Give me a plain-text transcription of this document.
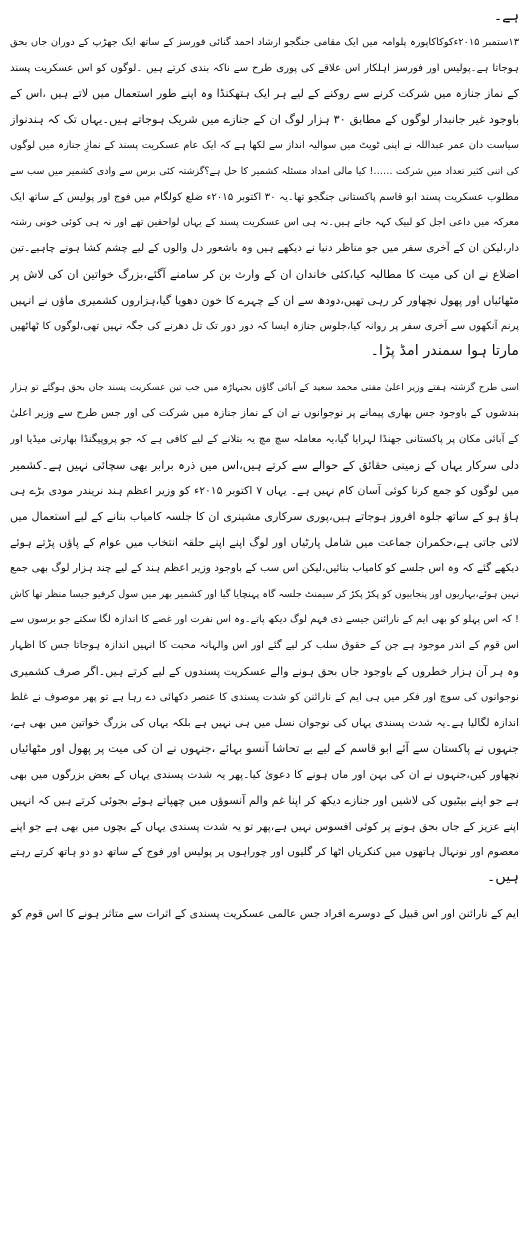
ہے۔
۱۳ستمبر ۲۰۱۵ءکوکاکاپورہ پلوامہ میں ایک مقامی جنگجو ارشاد احمد گنائی فورسز کے ساتھ ایک جھڑپ کے دوران جاں بحق
ہوجاتا ہے۔پولیس اور فورسز اہلکار اس علاقے کی پوری طرح سے ناکہ بندی کرتے ہیں ۔لوگوں کو اس عسکریت پسند
کے نماز جنازہ میں شرکت کرنے سے روکنے کے لیے ہر ایک ہتھکنڈا وہ اپنے طور استعمال میں لاتے ہیں ،اس کے
باوجود غیر جانبدار لوگوں کے مطابق ۳۰ ہزار لوگ ان کے جنازے میں شریک ہوجاتے ہیں۔یہاں تک کہ ہندنواز
سیاست دان عمر عبداللہ نے اپنی ٹویٹ میں سوالیہ انداز سے لکھا ہے کہ ایک عام عسکریت پسند کے نمازِ جنازہ میں لوگوں
کی اتنی کثیر تعداد میں شرکت ……! کیا مالی امداد مسئلہ کشمیر کا حل ہے؟گزشتہ کئی برس سے وادی کشمیر میں سب سے
مطلوب عسکریت پسند ابو قاسم پاکستانی جنگجو تھا۔یہ ۳۰ اکتوبر ۲۰۱۵ء ضلع کولگام میں فوج اور پولیس کے ساتھ ایک
معرکہ میں داعی اجل کو لبیک کہہ جاتے ہیں۔نہ ہی اس عسکریت پسند کے یہاں لواحقین تھے اور نہ ہی کوئی خونی رشتہ
دار،لیکن ان کے آخری سفر میں جو مناظر دنیا نے دیکھے ہیں وہ باشعور دل والوں کے لیے چشم کشا ہونے چاہیے۔تین
اضلاع نے ان کی میت کا مطالبہ کیا،کئی خاندان ان کے وارث بن کر سامنے آگئے،بزرگ خواتین ان کی لاش پر
مٹھائیاں اور پھول نچھاور کر رہی تھیں،دودھ سے ان کے چہرے کا خون دھویا گیا،ہزاروں کشمیری ماؤں نے انہیں
پرنم آنکھوں سے آخری سفر پر روانہ کیا،جلوس جنازہ ایسا کہ دور دور تک تل دھرنے کی جگہ نہیں تھی،لوگوں کا ٹھاٹھیں
مارتا ہوا سمندر امڈ پڑا۔
اسی طرح گزشتہ ہفتے وزیر اعلیٰ مفتی محمد سعید کے آبائی گاؤں بجبہاڑہ میں جب تین عسکریت پسند جاں بحق ہوگئے تو ہزار
بندشوں کے باوجود جس بھاری پیمانے پر نوجوانوں نے ان کے نماز جنازہ میں شرکت کی اور جس طرح سے وزیر اعلیٰ
کے آبائی مکان پر پاکستانی جھنڈا لہرایا گیا،یہ معاملہ سچ مچ یہ بتلانے کے لیے کافی ہے کہ جو پروپیگنڈا بھارتی میڈیا اور
دلی سرکار یہاں کے زمینی حقائق کے حوالے سے کرتے ہیں،اس میں ذرہ برابر بھی سچائی نہیں ہے۔کشمیر
میں لوگوں کو جمع کرنا کوئی آسان کام نہیں ہے۔ یہاں ۷ اکتوبر ۲۰۱۵ء کو وزیر اعظم ہند نریندر مودی بڑے ہی
ہاؤ ہو کے ساتھ جلوہ افروز ہوجاتے ہیں،پوری سرکاری مشینری ان کا جلسہ کامیاب بنانے کے لیے استعمال میں
لائی جاتی ہے،حکمران جماعت میں شامل پارٹیاں اور لوگ اپنے اپنے حلقہ انتخاب میں عوام کے پاؤں پڑتے ہوئے
دیکھے گئے کہ وہ اس جلسے کو کامیاب بنائیں،لیکن اس سب کے باوجود وزیر اعظم ہند کے لیے چند ہزار لوگ بھی جمع
نہیں ہوئے،بہاریوں اور پنجابیوں کو پکڑ پکڑ کر سیمنٹ جلسہ گاہ پہنچایا گیا اور کشمیر بھر میں سول کرفیو جیسا منظر تھا کاش
! کہ اس پہلو کو بھی ایم کے نارائنن جیسے ذی فہم لوگ دیکھ پاتے۔وہ اس نفرت اور غصے کا اندازہ لگا سکتے جو برسوں سے
اس قوم کے اندر موجود ہے جن کے حقوق سلب کر لیے گئے اور اس والہانہ محبت کا انہیں اندازہ ہوجاتا جس کا اظہار
وہ ہر آن ہزار خطروں کے باوجود جاں بحق ہونے والے عسکریت پسندوں کے لیے کرتے ہیں۔اگر صرف کشمیری
نوجوانوں کی سوچ اور فکر میں ہی ایم کے نارائنن کو شدت پسندی کا عنصر دکھائی دے رہا ہے تو پھر موصوف نے غلط
اندازہ لگالیا ہے۔یہ شدت پسندی یہاں کی نوجوان نسل میں ہی نہیں ہے بلکہ یہاں کی بزرگ خواتین میں بھی ہے،
جنہوں نے پاکستان سے آئے ابو قاسم کے لیے بے تحاشا آنسو بہائے ،جنہوں نے ان کی میت پر پھول اور مٹھائیاں
نچھاور کیں،جنہوں نے ان کی بہن اور ماں ہونے کا دعویٰ کیا۔پھر یہ شدت پسندی یہاں کے بعض بزرگوں میں بھی
ہے جو اپنے بیٹیوں کی لاشیں اور جنازے دیکھ کر اپنا غم والم آنسوؤں میں چھپاتے ہوئے بجوئی کرتے ہیں کہ انہیں
اپنے عزیز کے جاں بحق ہونے پر کوئی افسوس نہیں ہے،پھر تو یہ شدت پسندی یہاں کے بچوں میں بھی ہے جو اپنے
معصوم اور نونہال ہاتھوں میں کنکریاں اٹھا کر گلیوں اور چوراہوں پر پولیس اور فوج کے ساتھ دو دو ہاتھ کرتے رہتے
ہیں۔
ایم کے نارائنن اور اس قبیل کے دوسرے افراد جس عالمی عسکریت پسندی کے اثرات سے متاثر ہونے کا اس قوم کو
